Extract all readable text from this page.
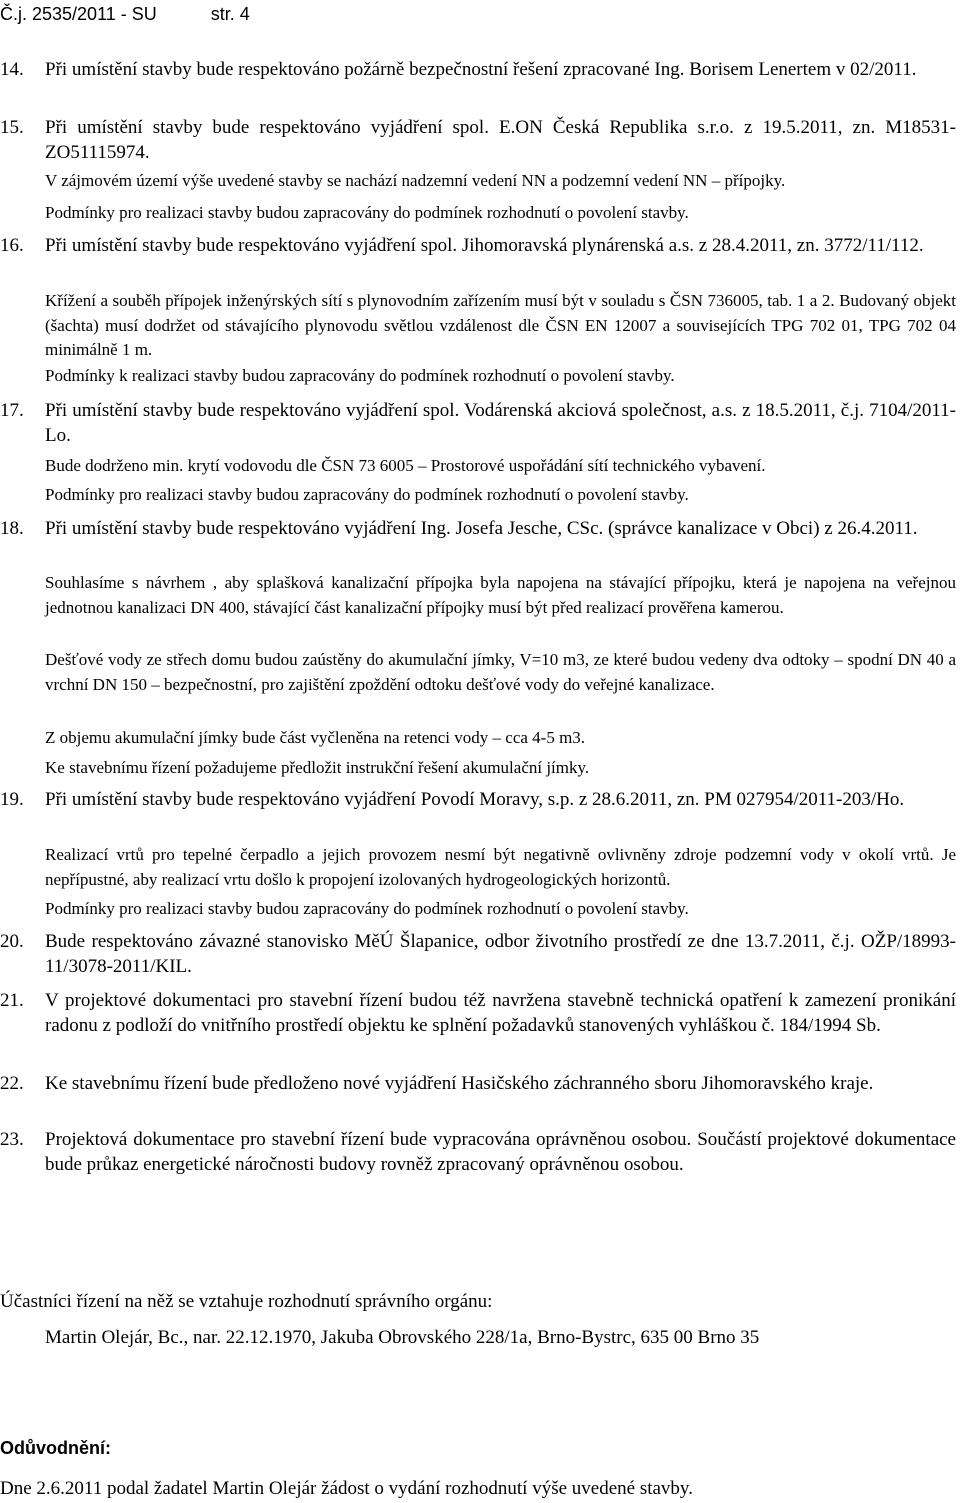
Č.j. 2535/2011 - SU	str. 4
14. Při umístění stavby bude respektováno požárně bezpečnostní řešení zpracované Ing. Borisem Lenertem v 02/2011.
15. Při umístění stavby bude respektováno vyjádření spol. E.ON Česká Republika s.r.o. z 19.5.2011, zn. M18531-ZO51115974.
V zájmovém území výše uvedené stavby se nachází nadzemní vedení NN a podzemní vedení NN – přípojky.
Podmínky pro realizaci stavby budou zapracovány do podmínek rozhodnutí o povolení stavby.
16. Při umístění stavby bude respektováno vyjádření spol. Jihomoravská plynárenská a.s. z 28.4.2011, zn. 3772/11/112.
Křížení a souběh přípojek inženýrských sítí s plynovodním zařízením musí být v souladu s ČSN 736005, tab. 1 a 2. Budovaný objekt (šachta) musí dodržet od stávajícího plynovodu světlou vzdálenost dle ČSN EN 12007 a souvisejících TPG 702 01, TPG 702 04 minimálně 1 m.
Podmínky k realizaci stavby budou zapracovány do podmínek rozhodnutí o povolení stavby.
17. Při umístění stavby bude respektováno vyjádření spol. Vodárenská akciová společnost, a.s. z 18.5.2011, č.j. 7104/2011-Lo.
Bude dodrženo min. krytí vodovodu dle ČSN 73 6005 – Prostorové uspořádání sítí technického vybavení.
Podmínky pro realizaci stavby budou zapracovány do podmínek rozhodnutí o povolení stavby.
18. Při umístění stavby bude respektováno vyjádření Ing. Josefa Jesche, CSc. (správce kanalizace v Obci) z 26.4.2011.
Souhlasíme s návrhem , aby splašková kanalizační přípojka byla napojena na stávající přípojku, která je napojena na veřejnou jednotnou kanalizaci DN 400, stávající část kanalizační přípojky musí být před realizací prověřena kamerou.
Dešťové vody ze střech domu budou zaústěny do akumulační jímky, V=10 m3, ze které budou vedeny dva odtoky – spodní DN 40 a vrchní DN 150 – bezpečnostní, pro zajištění zpoždění odtoku dešťové vody do veřejné kanalizace.
Z objemu akumulační jímky bude část vyčleněna na retenci vody – cca 4-5 m3.
Ke stavebnímu řízení požadujeme předložit instrukční řešení akumulační jímky.
19. Při umístění stavby bude respektováno vyjádření Povodí Moravy, s.p. z 28.6.2011, zn. PM 027954/2011-203/Ho.
Realizací vrtů pro tepelné čerpadlo a jejich provozem nesmí být negativně ovlivněny zdroje podzemní vody v okolí vrtů. Je nepřípustné, aby realizací vrtu došlo k propojení izolovaných hydrogeologických horizontů.
Podmínky pro realizaci stavby budou zapracovány do podmínek rozhodnutí o povolení stavby.
20. Bude respektováno závazné stanovisko MěÚ Šlapanice, odbor životního prostředí ze dne 13.7.2011, č.j. OŽP/18993-11/3078-2011/KIL.
21. V projektové dokumentaci pro stavební řízení budou též navržena stavebně technická opatření k zamezení pronikání radonu z podloží do vnitřního prostředí objektu ke splnění požadavků stanovených vyhláškou č. 184/1994 Sb.
22. Ke stavebnímu řízení bude předloženo nové vyjádření Hasičského záchranného sboru Jihomoravského kraje.
23. Projektová dokumentace pro stavební řízení bude vypracována oprávněnou osobou. Součástí projektové dokumentace bude průkaz energetické náročnosti budovy rovněž zpracovaný oprávněnou osobou.
Účastníci řízení na něž se vztahuje rozhodnutí správního orgánu:
Martin Olejár, Bc., nar. 22.12.1970, Jakuba Obrovského 228/1a, Brno-Bystrc, 635 00 Brno 35
Odůvodnění:
Dne 2.6.2011 podal žadatel Martin Olejár žádost o vydání rozhodnutí výše uvedené stavby.
